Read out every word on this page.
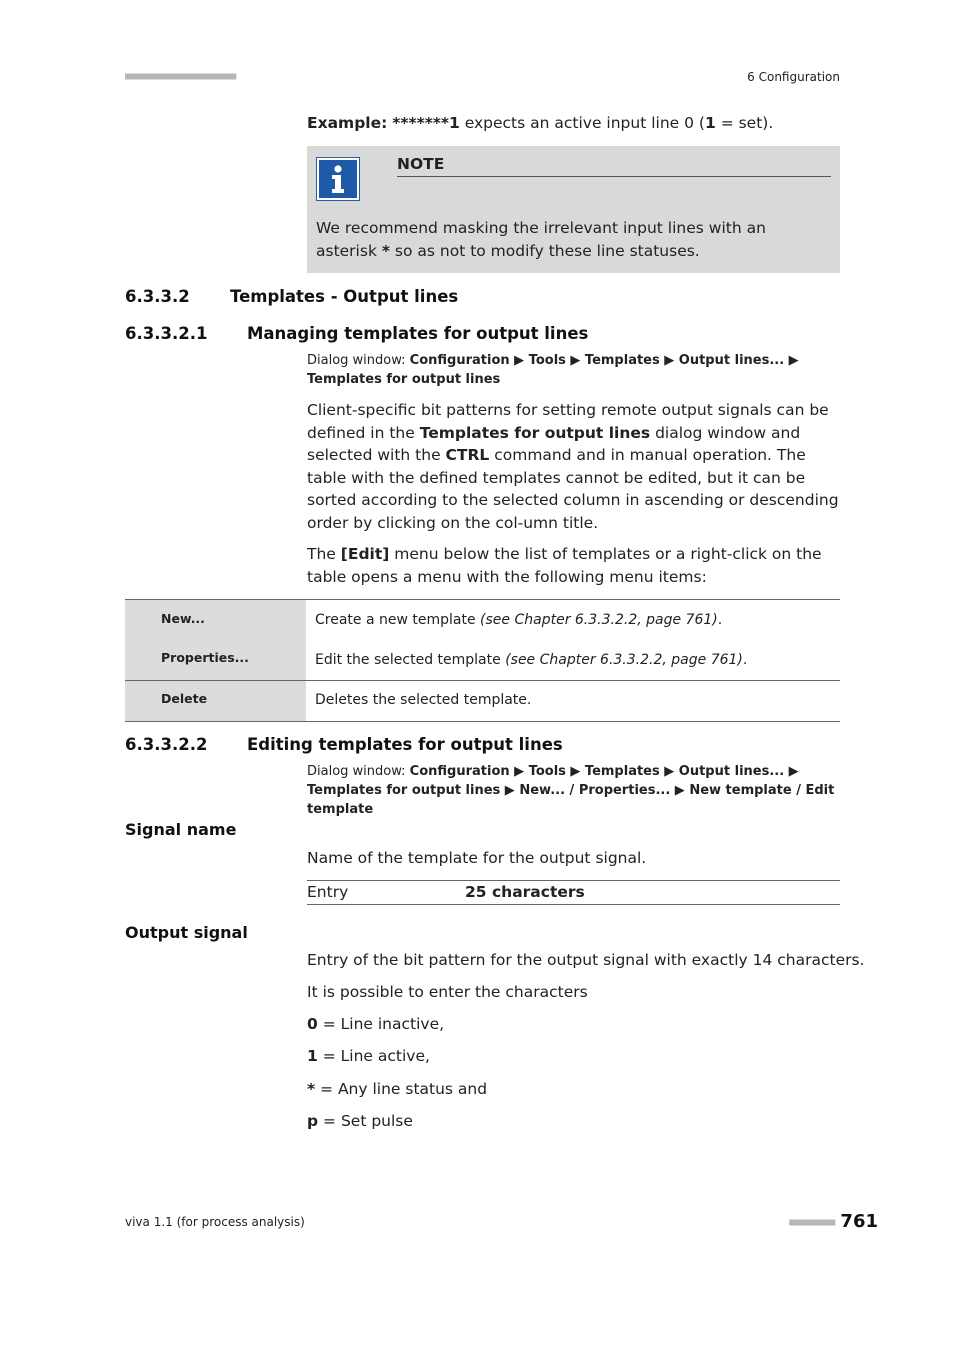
■■■■■■■■■■■■■■■■■■■■■■	6 Configuration
Example: *******1 expects an active input line 0 (1 = set).
NOTE
We recommend masking the irrelevant input lines with an asterisk * so as not to modify these line statuses.
6.3.3.2 Templates - Output lines
6.3.3.2.1 Managing templates for output lines
Dialog window: Configuration ▶ Tools ▶ Templates ▶ Output lines... ▶ Templates for output lines
Client-specific bit patterns for setting remote output signals can be defined in the Templates for output lines dialog window and selected with the CTRL command and in manual operation. The table with the defined templates cannot be edited, but it can be sorted according to the selected column in ascending or descending order by clicking on the col-umn title.
The [Edit] menu below the list of templates or a right-click on the table opens a menu with the following menu items:
New...	Create a new template (see Chapter 6.3.3.2.2, page 761).
Properties...	Edit the selected template (see Chapter 6.3.3.2.2, page 761).
Delete	Deletes the selected template.
6.3.3.2.2 Editing templates for output lines
Dialog window: Configuration ▶ Tools ▶ Templates ▶ Output lines... ▶ Templates for output lines ▶ New... / Properties... ▶ New template / Edit template
Signal name
Name of the template for the output signal.
Entry	25 characters
Output signal
Entry of the bit pattern for the output signal with exactly 14 characters.
It is possible to enter the characters
0 = Line inactive,
1 = Line active,
* = Any line status and
p = Set pulse
viva 1.1 (for process analysis)	■■■■■■■■■ 761
